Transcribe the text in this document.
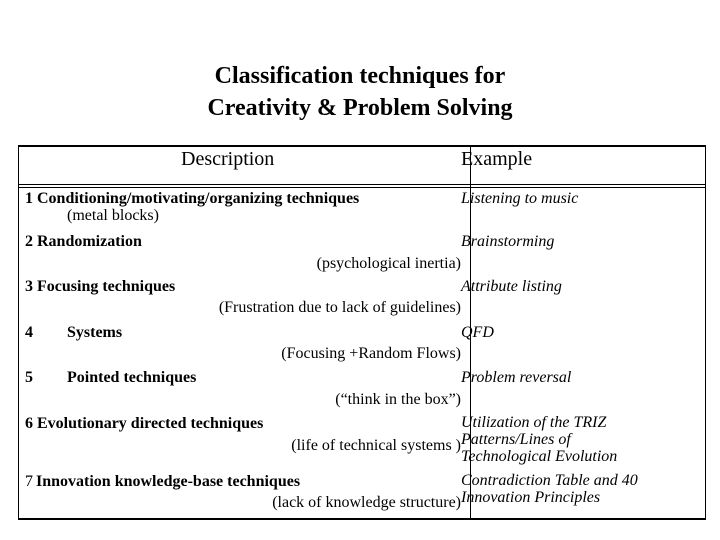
Classification techniques for
Creativity & Problem Solving
Description	Example
1 Conditioning/motivating/organizing techniques
(metal blocks)
Listening to music
2 Randomization
(psychological inertia)
Brainstorming
3 Focusing techniques
(Frustration due to lack of guidelines)
Attribute listing
4 Systems
(Focusing +Random Flows)
QFD
5 Pointed techniques
(“think in the box”)
Problem reversal
6 Evolutionary directed techniques
(life of technical systems )
Utilization of the TRIZ
Patterns/Lines of
Technological Evolution
7 Innovation knowledge-base techniques
(lack of knowledge structure)
Contradiction Table and 40
Innovation Principles
